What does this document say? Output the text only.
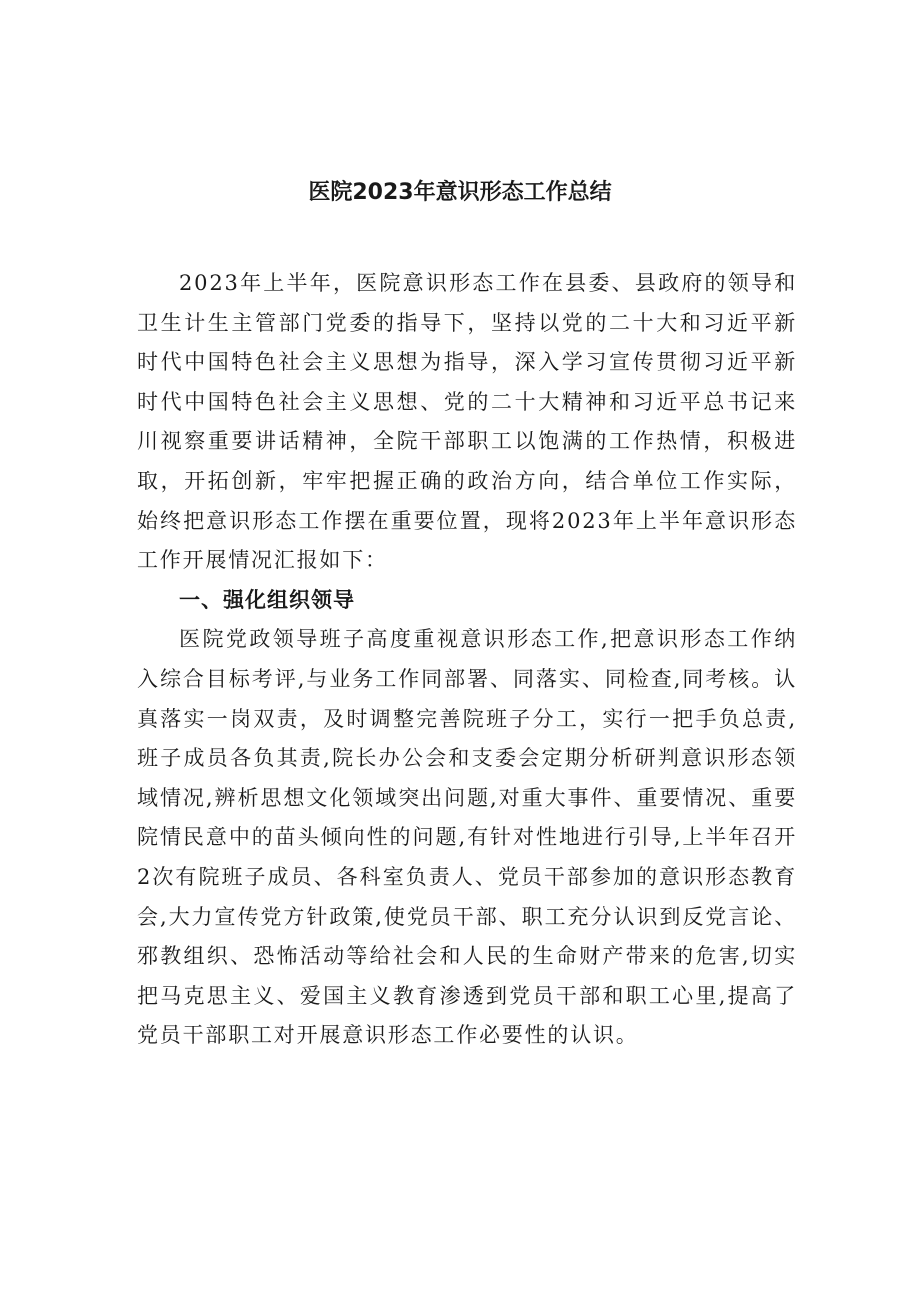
医院2023年意识形态工作总结

2023年上半年，医院意识形态工作在县委、县政府的领导和卫生计生主管部门党委的指导下，坚持以党的二十大和习近平新时代中国特色社会主义思想为指导，深入学习宣传贯彻习近平新时代中国特色社会主义思想、党的二十大精神和习近平总书记来川视察重要讲话精神，全院干部职工以饱满的工作热情，积极进取，开拓创新，牢牢把握正确的政治方向，结合单位工作实际，始终把意识形态工作摆在重要位置，现将2023年上半年意识形态工作开展情况汇报如下：

一、强化组织领导

医院党政领导班子高度重视意识形态工作,把意识形态工作纳入综合目标考评,与业务工作同部署、同落实、同检查,同考核。认真落实一岗双责，及时调整完善院班子分工，实行一把手负总责,班子成员各负其责,院长办公会和支委会定期分析研判意识形态领域情况,辨析思想文化领域突出问题,对重大事件、重要情况、重要院情民意中的苗头倾向性的问题,有针对性地进行引导,上半年召开2次有院班子成员、各科室负责人、党员干部参加的意识形态教育会,大力宣传党方针政策,使党员干部、职工充分认识到反党言论、邪教组织、恐怖活动等给社会和人民的生命财产带来的危害,切实把马克思主义、爱国主义教育渗透到党员干部和职工心里,提高了党员干部职工对开展意识形态工作必要性的认识。
